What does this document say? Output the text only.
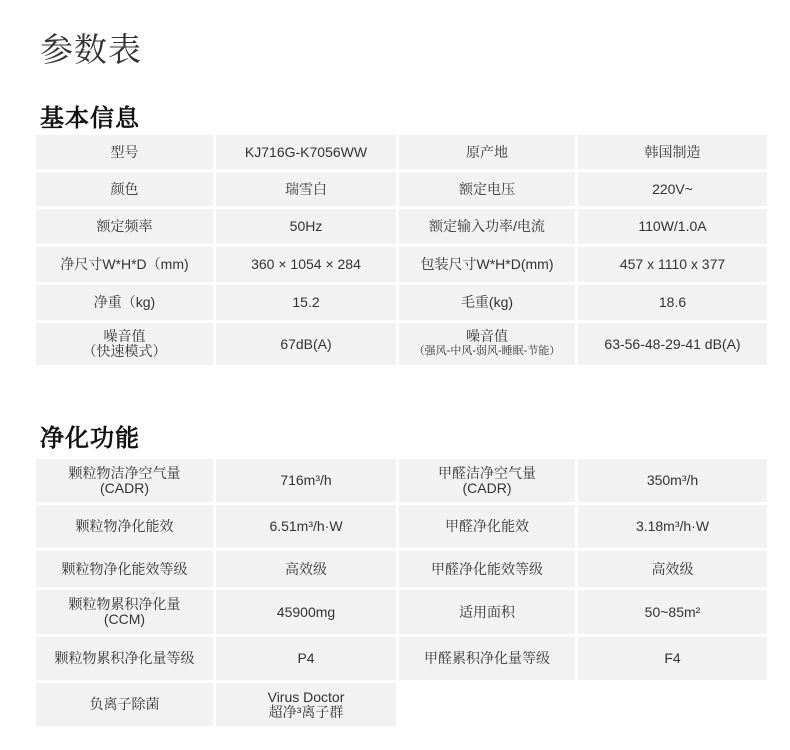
参数表
基本信息
型号	KJ716G-K7056WW	原产地	韩国制造

颜色	瑞雪白	额定电压	220V~

额定频率	50Hz	额定输入功率/电流	110W/1.0A

净尺寸W*H*D（mm)	360 × 1054 × 284	包装尺寸W*H*D(mm)	457 x 1110 x 377

净重（kg)	15.2	毛重(kg)	18.6

噪音值
（快速模式）	67dB(A)	噪音值
（强风-中风-弱风-睡眠-节能）	63-56-48-29-41 dB(A)
净化功能
颗粒物洁净空气量
(CADR)	716m³/h	甲醛洁净空气量
(CADR)	350m³/h

颗粒物净化能效	6.51m³/h·W	甲醛净化能效	3.18m³/h·W

颗粒物净化能效等级	高效级	甲醛净化能效等级	高效级

颗粒物累积净化量
(CCM)	45900mg	适用面积	50~85m²

颗粒物累积净化量等级	P4	甲醛累积净化量等级	F4

负离子除菌	Virus Doctor
超净³离子群		
